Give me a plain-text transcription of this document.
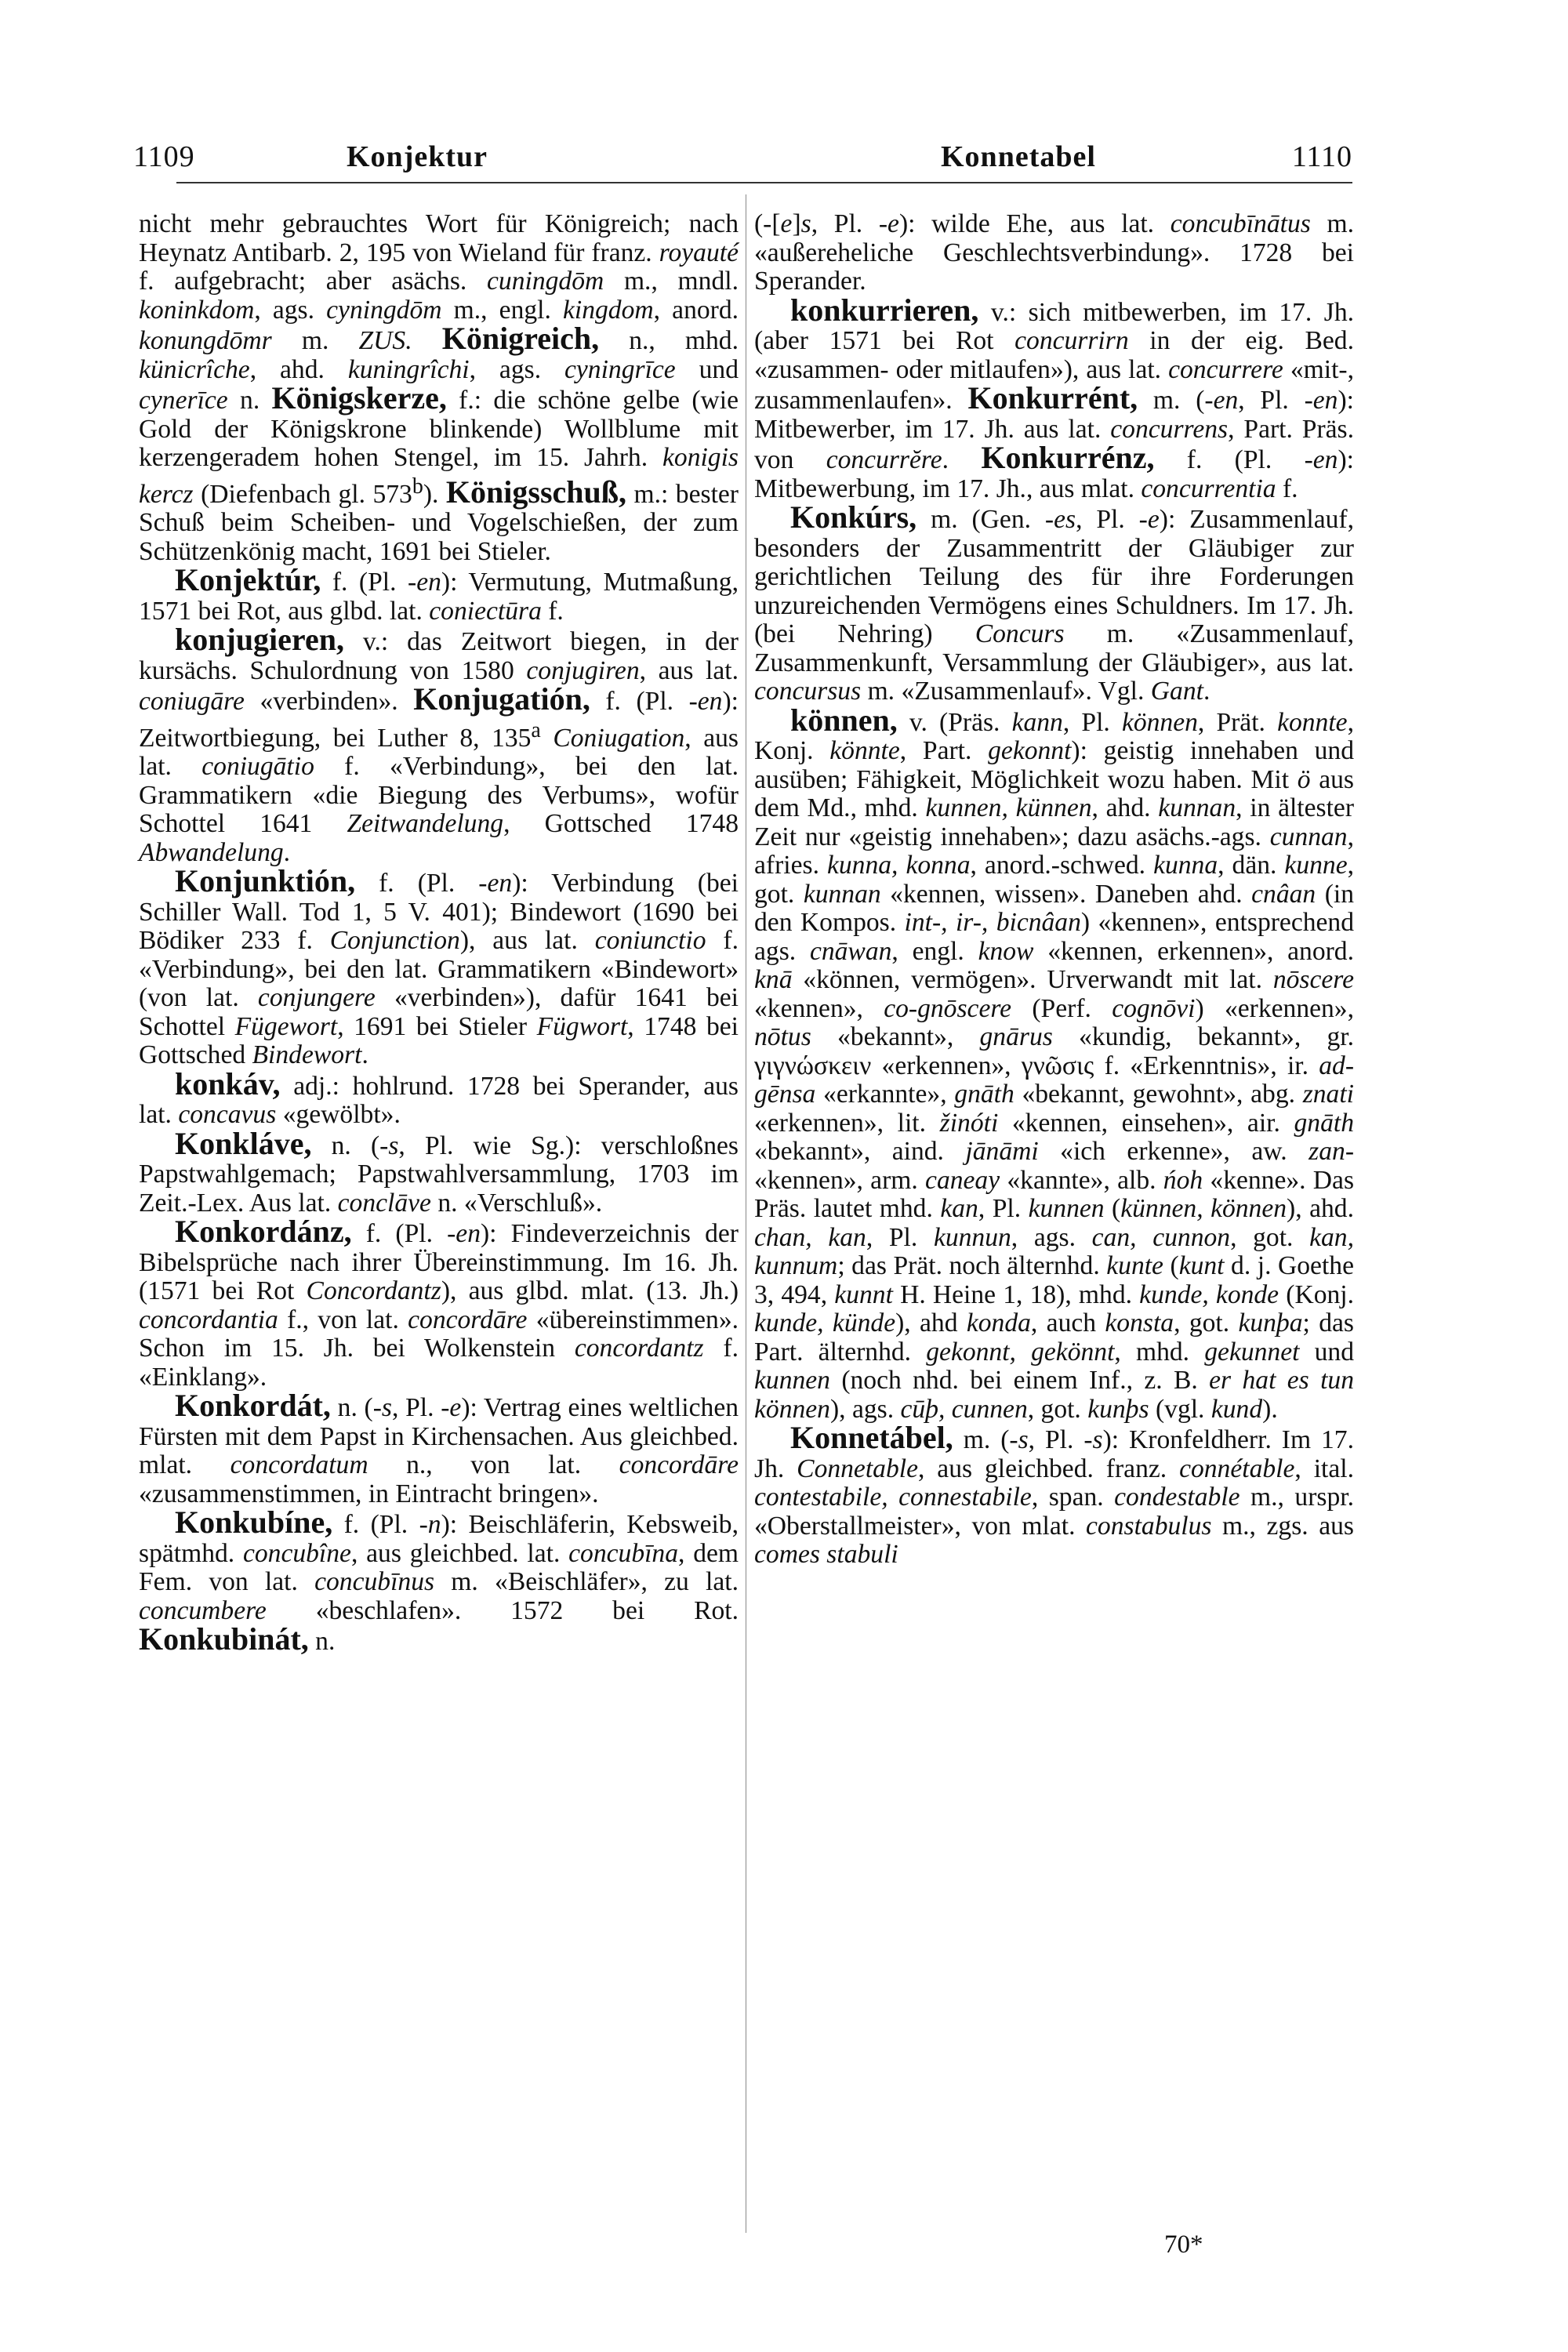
1109	Konjektur	Konnetabel	1110

nicht mehr gebrauchtes Wort für Königreich; nach Heynatz Antibarb. 2, 195 von Wieland für franz. royauté f. aufgebracht; aber asächs. cuningdōm m., mndl. koninkdom, ags. cyningdōm m., engl. kingdom, anord. konungdōmr m. ZUS. Königreich, n., mhd. künicrîche, ahd. kuningrîchi, ags. cyningrīce und cynerīce n. Königskerze, f.: die schöne gelbe (wie Gold der Königskrone blinkende) Wollblume mit kerzengeradem hohen Stengel, im 15. Jahrh. konigis kercz (Diefenbach gl. 573$^b$). Königsschuß, m.: bester Schuß beim Scheiben- und Vogelschießen, der zum Schützenkönig macht, 1691 bei Stieler.

Konjektúr, f. (Pl. -en): Vermutung, Mutmaßung, 1571 bei Rot, aus glbd. lat. coniectūra f.

konjugieren, v.: das Zeitwort biegen, in der kursächs. Schulordnung von 1580 conjugiren, aus lat. coniugāre «verbinden». Konjugatión, f. (Pl. -en): Zeitwortbiegung, bei Luther 8, 135$^a$ Coniugation, aus lat. coniugātio f. «Verbindung», bei den lat. Grammatikern «die Biegung des Verbums», wofür Schottel 1641 Zeitwandelung, Gottsched 1748 Abwandelung.

Konjunktión, f. (Pl. -en): Verbindung (bei Schiller Wall. Tod 1, 5 V. 401); Bindewort (1690 bei Bödiker 233 f. Conjunction), aus lat. coniunctio f. «Verbindung», bei den lat. Grammatikern «Bindewort» (von lat. conjungere «verbinden»), dafür 1641 bei Schottel Fügewort, 1691 bei Stieler Fügwort, 1748 bei Gottsched Bindewort.

konkáv, adj.: hohlrund. 1728 bei Sperander, aus lat. concavus «gewölbt».

Konkláve, n. (-s, Pl. wie Sg.): verschloßnes Papstwahlgemach; Papstwahlversammlung, 1703 im Zeit.-Lex. Aus lat. conclāve n. «Verschluß».

Konkordánz, f. (Pl. -en): Findeverzeichnis der Bibelsprüche nach ihrer Übereinstimmung. Im 16. Jh. (1571 bei Rot Concordantz), aus glbd. mlat. (13. Jh.) concordantia f., von lat. concordāre «übereinstimmen». Schon im 15. Jh. bei Wolkenstein concordantz f. «Einklang».

Konkordát, n. (-s, Pl. -e): Vertrag eines weltlichen Fürsten mit dem Papst in Kirchensachen. Aus gleichbed. mlat. concordatum n., von lat. concordāre «zusammenstimmen, in Eintracht bringen».

Konkubíne, f. (Pl. -n): Beischläferin, Kebsweib, spätmhd. concubîne, aus gleichbed. lat. concubīna, dem Fem. von lat. concubīnus m. «Beischläfer», zu lat. concumbere «beschlafen». 1572 bei Rot. Konkubinát, n.

(-[e]s, Pl. -e): wilde Ehe, aus lat. concubīnātus m. «außereheliche Geschlechtsverbindung». 1728 bei Sperander.

konkurrieren, v.: sich mitbewerben, im 17. Jh. (aber 1571 bei Rot concurrirn in der eig. Bed. «zusammen- oder mitlaufen»), aus lat. concurrere «mit-, zusammenlaufen». Konkurrént, m. (-en, Pl. -en): Mitbewerber, im 17. Jh. aus lat. concurrens, Part. Präs. von concurrĕre. Konkurrénz, f. (Pl. -en): Mitbewerbung, im 17. Jh., aus mlat. concurrentia f.

Konkúrs, m. (Gen. -es, Pl. -e): Zusammenlauf, besonders der Zusammentritt der Gläubiger zur gerichtlichen Teilung des für ihre Forderungen unzureichenden Vermögens eines Schuldners. Im 17. Jh. (bei Nehring) Concurs m. «Zusammenlauf, Zusammenkunft, Versammlung der Gläubiger», aus lat. concursus m. «Zusammenlauf». Vgl. Gant.

können, v. (Präs. kann, Pl. können, Prät. konnte, Konj. könnte, Part. gekonnt): geistig innehaben und ausüben; Fähigkeit, Möglichkeit wozu haben. Mit ö aus dem Md., mhd. kunnen, künnen, ahd. kunnan, in ältester Zeit nur «geistig innehaben»; dazu asächs.-ags. cunnan, afries. kunna, konna, anord.-schwed. kunna, dän. kunne, got. kunnan «kennen, wissen». Daneben ahd. cnâan (in den Kompos. int-, ir-, bicnâan) «kennen», entsprechend ags. cnāwan, engl. know «kennen, erkennen», anord. knā «können, vermögen». Urverwandt mit lat. nōscere «kennen», co-gnōscere (Perf. cognōvi) «erkennen», nōtus «bekannt», gnārus «kundig, bekannt», gr. γιγνώσκειν «erkennen», γνῶσις f. «Erkenntnis», ir. ad-gēnsa «erkannte», gnāth «bekannt, gewohnt», abg. znati «erkennen», lit. žinóti «kennen, einsehen», air. gnāth «bekannt», aind. jānāmi «ich erkenne», aw. zan- «kennen», arm. caneay «kannte», alb. ńoh «kenne». Das Präs. lautet mhd. kan, Pl. kunnen (künnen, können), ahd. chan, kan, Pl. kunnun, ags. can, cunnon, got. kan, kunnum; das Prät. noch älternhd. kunte (kunt d. j. Goethe 3, 494, kunnt H. Heine 1, 18), mhd. kunde, konde (Konj. kunde, künde), ahd konda, auch konsta, got. kunþa; das Part. älternhd. gekonnt, gekönnt, mhd. gekunnet und kunnen (noch nhd. bei einem Inf., z. B. er hat es tun können), ags. cūþ, cunnen, got. kunþs (vgl. kund).

Konnetábel, m. (-s, Pl. -s): Kronfeldherr. Im 17. Jh. Connetable, aus gleichbed. franz. connétable, ital. contestabile, connestabile, span. condestable m., urspr. «Oberstallmeister», von mlat. constabulus m., zgs. aus comes stabuli

70*
